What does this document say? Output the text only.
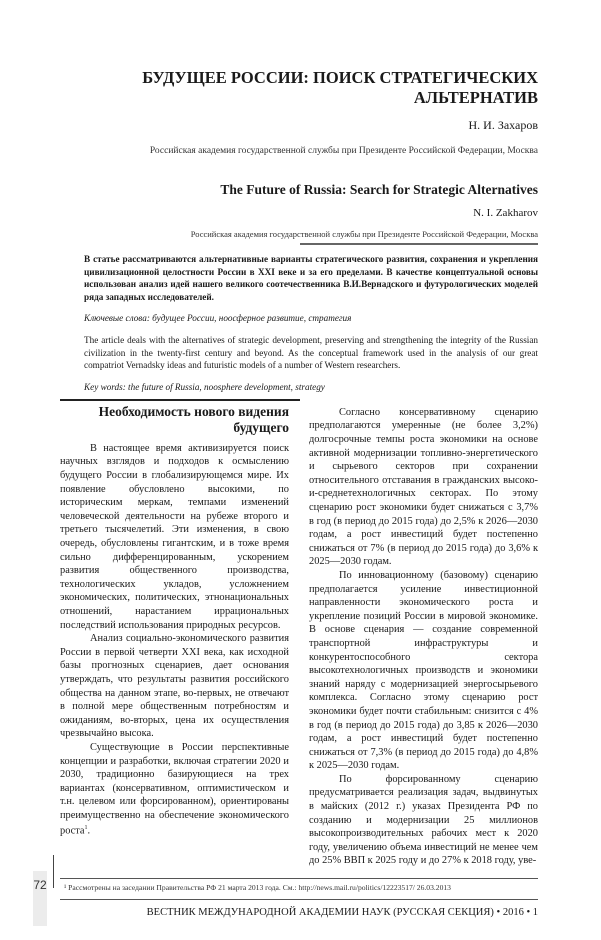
БУДУЩЕЕ РОССИИ: ПОИСК СТРАТЕГИЧЕСКИХ АЛЬТЕРНАТИВ
Н. И. Захаров
Российская академия государственной службы при Президенте Российской Федерации, Москва
The Future of Russia: Search for Strategic Alternatives
N. I. Zakharov
Российская академия государственной службы при Президенте Российской Федерации, Москва
В статье рассматриваются альтернативные варианты стратегического развития, сохранения и укрепления цивилизационной целостности России в XXI веке и за его пределами. В качестве концептуальной основы использован анализ идей нашего великого соотечественника В.И.Вернадского и футурологических моделей ряда западных исследователей.
Ключевые слова: будущее России, ноосферное развитие, стратегия
The article deals with the alternatives of strategic development, preserving and strengthening the integrity of the Russian civilization in the twenty-first century and beyond. As the conceptual framework used in the analysis of our great compatriot Vernadsky ideas and futuristic models of a number of Western researchers.
Key words: the future of Russia, noosphere development, strategy
Необходимость нового видения будущего

В настоящее время активизируется поиск научных взглядов и подходов к осмыслению будущего России в глобализирующемся мире. Их появление обусловлено высокими, по историческим меркам, темпами изменений человеческой деятельности на рубеже второго и третьего тысячелетий. Эти изменения, в свою очередь, обусловлены гигантским, и в тоже время сильно дифференцированным, ускорением развития общественного производства, технологических укладов, усложнением экономических, политических, этнонациональных отношений, нарастанием иррациональных последствий использования природных ресурсов.

Анализ социально-экономического развития России в первой четверти XXI века, как исходной базы прогнозных сценариев, дает основания утверждать, что результаты развития российского общества на данном этапе, во-первых, не отвечают в полной мере общественным потребностям и ожиданиям, во-вторых, цена их осуществления чрезвычайно высока.

Существующие в России перспективные концепции и разработки, включая стратегии 2020 и 2030, традиционно базирующиеся на трех вариантах (консервативном, оптимистическом и т.н. целевом или форсированном), ориентированы преимущественно на обеспечение экономического роста$^1$.

Согласно консервативному сценарию предполагаются умеренные (не более 3,2%) долгосрочные темпы роста экономики на основе активной модернизации топливно-энергетического и сырьевого секторов при сохранении относительного отставания в гражданских высоко-и-среднетехнологичных секторах. По этому сценарию рост экономики будет снижаться с 3,7% в год (в период до 2015 года) до 2,5% к 2026—2030 годам, а рост инвестиций будет постепенно снижаться от 7% (в период до 2015 года) до 3,6% к 2025—2030 годам.

По инновационному (базовому) сценарию предполагается усиление инвестиционной направленности экономического роста и укрепление позиций России в мировой экономике. В основе сценария — создание современной транспортной инфраструктуры и конкурентоспособного сектора высокотехнологичных производств и экономики знаний наряду с модернизацией энергосырьевого комплекса. Согласно этому сценарию рост экономики будет почти стабильным: снизится с 4% в год (в период до 2015 года) до 3,85 к 2026—2030 годам, а рост инвестиций будет постепенно снижаться от 7,3% (в период до 2015 года) до 4,8% к 2025—2030 годам.

По форсированному сценарию предусматривается реализация задач, выдвинутых в майских (2012 г.) указах Президента РФ по созданию и модернизации 25 миллионов высокопроизводительных рабочих мест к 2020 году, увеличению объема инвестиций не менее чем до 25% ВВП к 2025 году и до 27% к 2018 году, уве-

¹ Рассмотрены на заседании Правительства РФ 21 марта 2013 года. См.: http://news.mail.ru/politics/12223517/ 26.03.2013
ВЕСТНИК МЕЖДУНАРОДНОЙ АКАДЕМИИ НАУК (РУССКАЯ СЕКЦИЯ) • 2016 • 1
72
